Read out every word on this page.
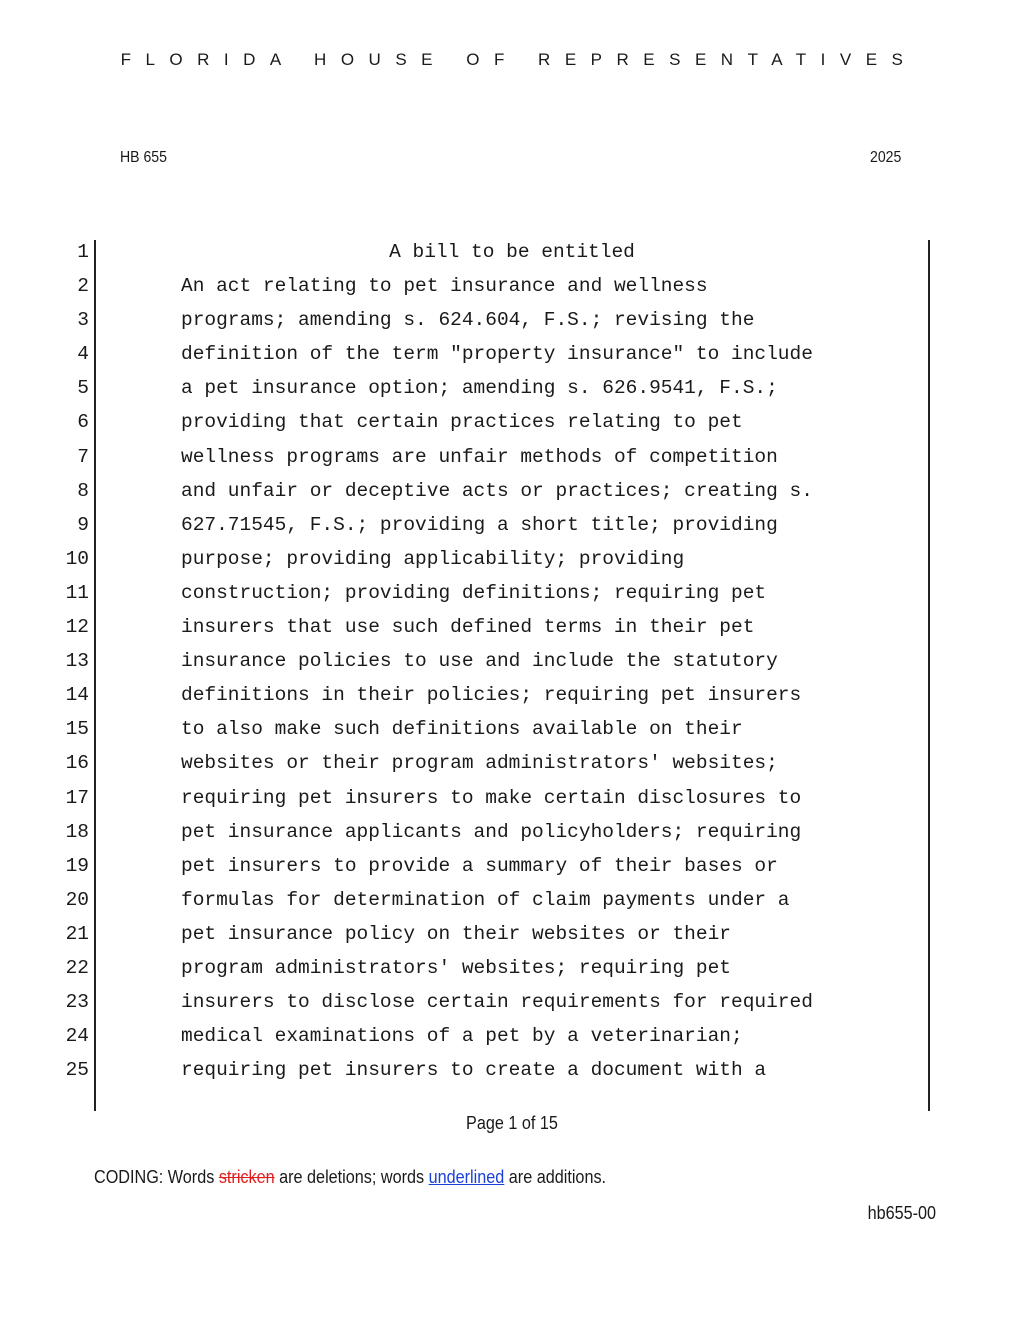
FLORIDA HOUSE OF REPRESENTATIVES
HB 655	2025
1	A bill to be entitled
2	An act relating to pet insurance and wellness
3	programs; amending s. 624.604, F.S.; revising the
4	definition of the term "property insurance" to include
5	a pet insurance option; amending s. 626.9541, F.S.;
6	providing that certain practices relating to pet
7	wellness programs are unfair methods of competition
8	and unfair or deceptive acts or practices; creating s.
9	627.71545, F.S.; providing a short title; providing
10	purpose; providing applicability; providing
11	construction; providing definitions; requiring pet
12	insurers that use such defined terms in their pet
13	insurance policies to use and include the statutory
14	definitions in their policies; requiring pet insurers
15	to also make such definitions available on their
16	websites or their program administrators' websites;
17	requiring pet insurers to make certain disclosures to
18	pet insurance applicants and policyholders; requiring
19	pet insurers to provide a summary of their bases or
20	formulas for determination of claim payments under a
21	pet insurance policy on their websites or their
22	program administrators' websites; requiring pet
23	insurers to disclose certain requirements for required
24	medical examinations of a pet by a veterinarian;
25	requiring pet insurers to create a document with a
Page 1 of 15
CODING: Words stricken are deletions; words underlined are additions.
hb655-00
